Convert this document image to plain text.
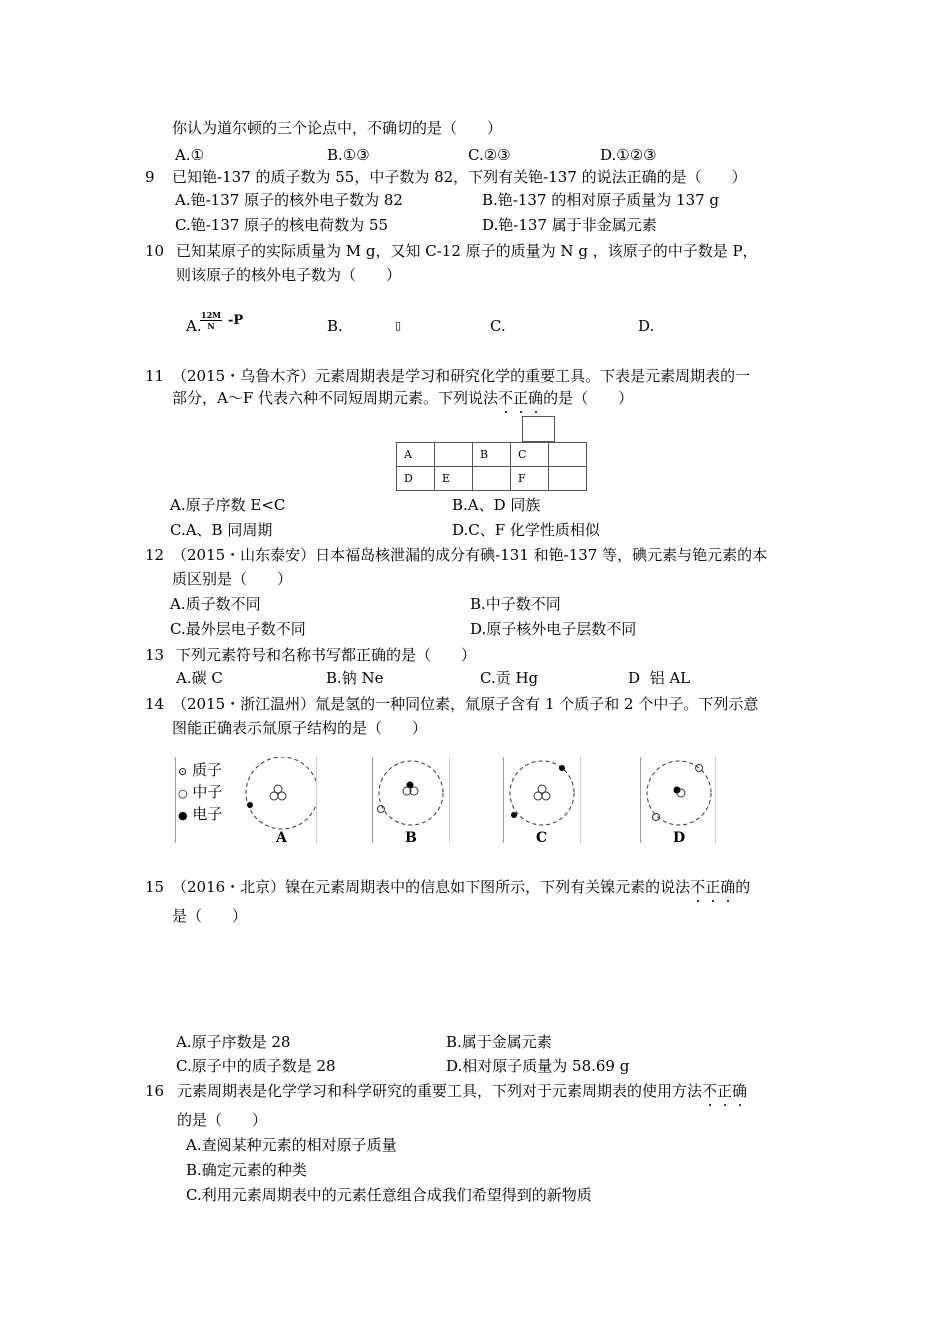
你认为道尔顿的三个论点中，不确切的是（　　）
A.①	B.①③	C.②③	D.①②③
9 已知铯-137 的质子数为 55，中子数为 82，下列有关铯-137 的说法正确的是（　　）
A.铯-137 原子的核外电子数为 82	B.铯-137 的相对原子质量为 137 g
C.铯-137 原子的核电荷数为 55	D.铯-137 属于非金属元素
10 已知某原子的实际质量为 M g，又知 C-12 原子的质量为 N g ，该原子的中子数是 P，
则该原子的核外电子数为（　　）
A.
$\frac{12M}{N} -P$	B.	▯	C.	D.
11 （2015・乌鲁木齐）元素周期表是学习和研究化学的重要工具。下表是元素周期表的一
部分，A～F 代表六种不同短周期元素。下列说法不正确的是（　　）
A		B	C	
D	E		F	
A.原子序数 E<C	B.A、D 同族
C.A、B 同周期	D.C、F 化学性质相似
12 （2015・山东泰安）日本福岛核泄漏的成分有碘-131 和铯-137 等，碘元素与铯元素的本
质区别是（　　）
A.质子数不同	B.中子数不同
C.最外层电子数不同	D.原子核外电子层数不同
13 下列元素符号和名称书写都正确的是（　　）
A.碳 C	B.钠 Ne	C.贡 Hg	D  铝 AL
14 （2015・浙江温州）氚是氢的一种同位素，氚原子含有 1 个质子和 2 个中子。下列示意
图能正确表示氚原子结构的是（　　）
⊙ 质子
○ 中子
● 电子
A	B	C	D
15 （2016・北京）镍在元素周期表中的信息如下图所示，下列有关镍元素的说法不正确的
是（　　）
A.原子序数是 28	B.属于金属元素
C.原子中的质子数是 28	D.相对原子质量为 58.69 g
16 元素周期表是化学学习和科学研究的重要工具，下列对于元素周期表的使用方法不正确
的是（　　）
A.查阅某种元素的相对原子质量
B.确定元素的种类
C.利用元素周期表中的元素任意组合成我们希望得到的新物质
